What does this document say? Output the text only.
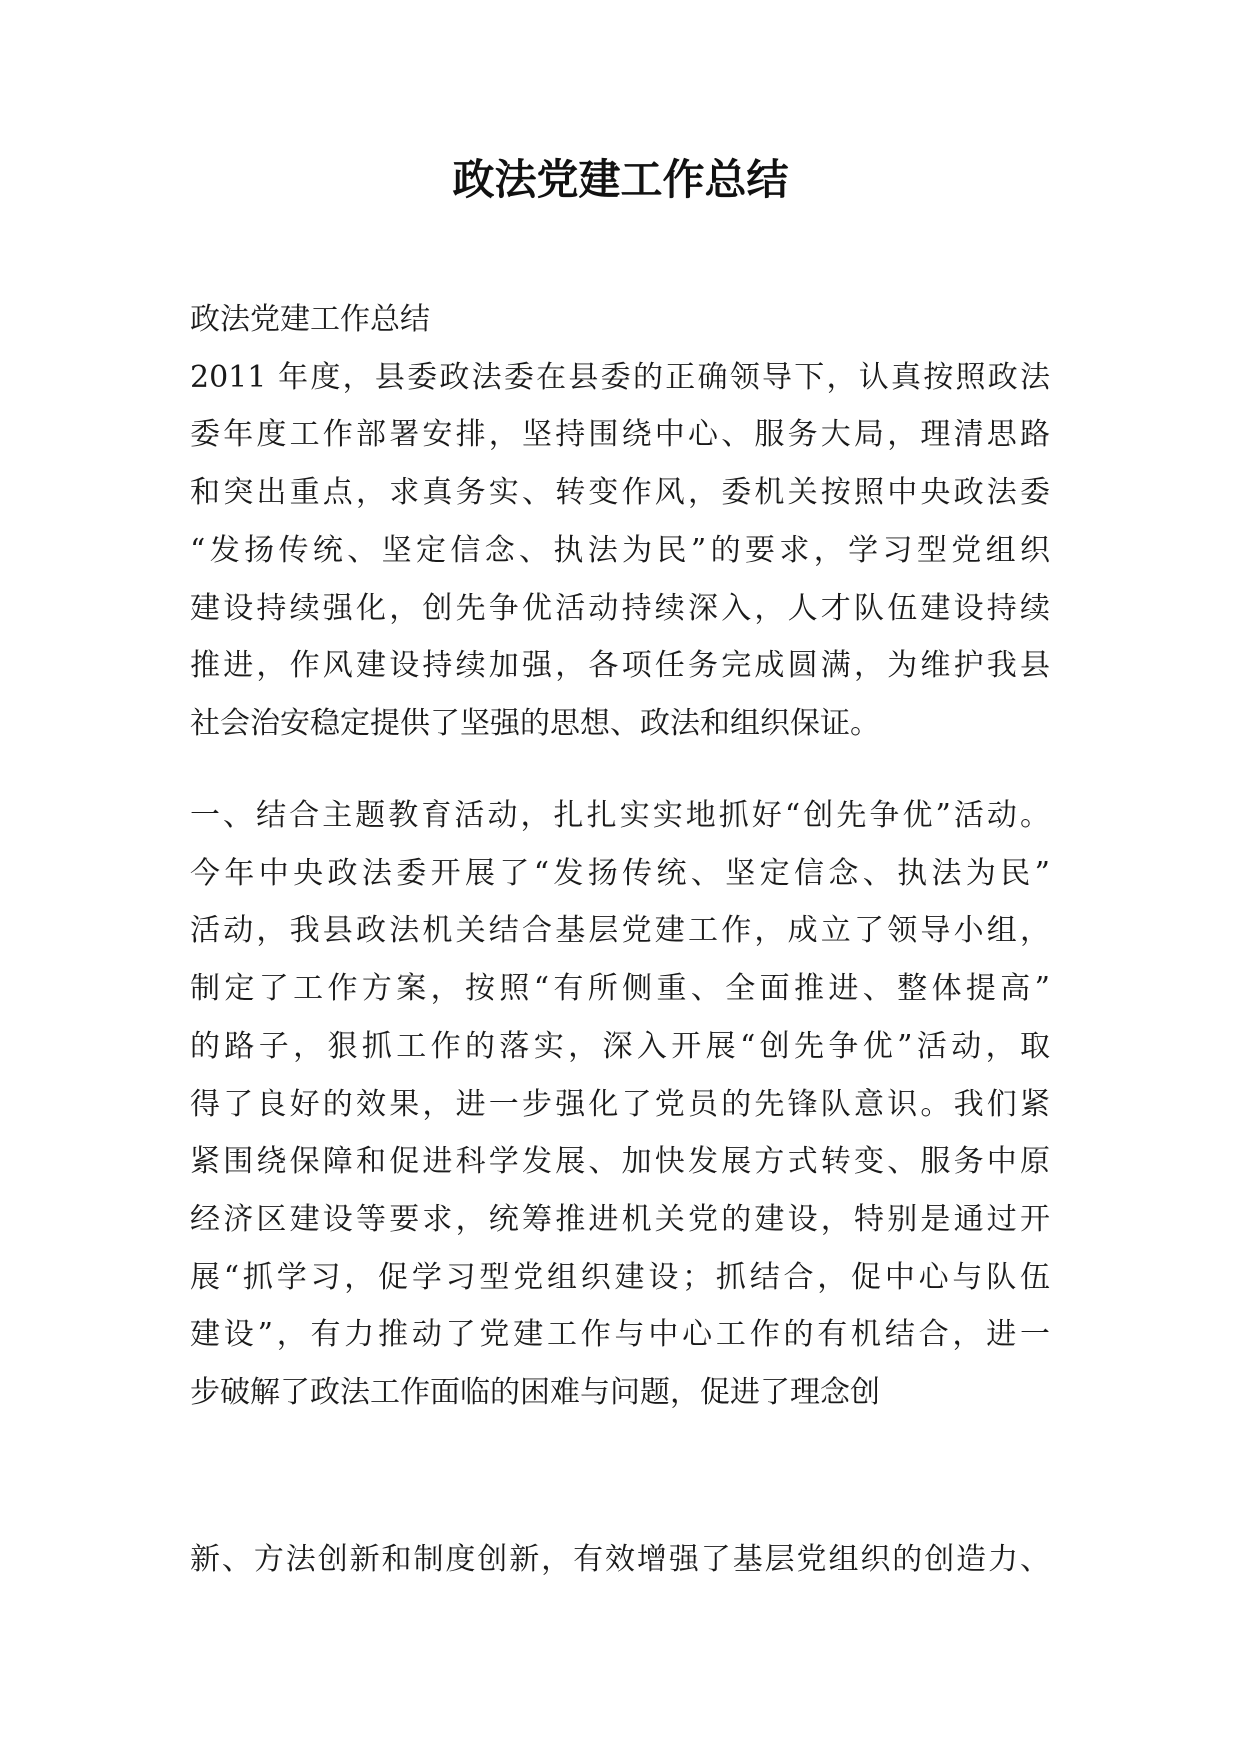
政法党建工作总结
政法党建工作总结
2011 年度，县委政法委在县委的正确领导下，认真按照政法
委年度工作部署安排，坚持围绕中心、服务大局，理清思路
和突出重点，求真务实、转变作风，委机关按照中央政法委
“发扬传统、坚定信念、执法为民”的要求，学习型党组织
建设持续强化，创先争优活动持续深入，人才队伍建设持续
推进，作风建设持续加强，各项任务完成圆满，为维护我县
社会治安稳定提供了坚强的思想、政法和组织保证。
一、结合主题教育活动，扎扎实实地抓好“创先争优”活动。
今年中央政法委开展了“发扬传统、坚定信念、执法为民”
活动，我县政法机关结合基层党建工作，成立了领导小组，
制定了工作方案，按照“有所侧重、全面推进、整体提高”
的路子，狠抓工作的落实，深入开展“创先争优”活动，取
得了良好的效果，进一步强化了党员的先锋队意识。我们紧
紧围绕保障和促进科学发展、加快发展方式转变、服务中原
经济区建设等要求，统筹推进机关党的建设，特别是通过开
展“抓学习，促学习型党组织建设；抓结合，促中心与队伍
建设”，有力推动了党建工作与中心工作的有机结合，进一
步破解了政法工作面临的困难与问题，促进了理念创
新、方法创新和制度创新，有效增强了基层党组织的创造力、
